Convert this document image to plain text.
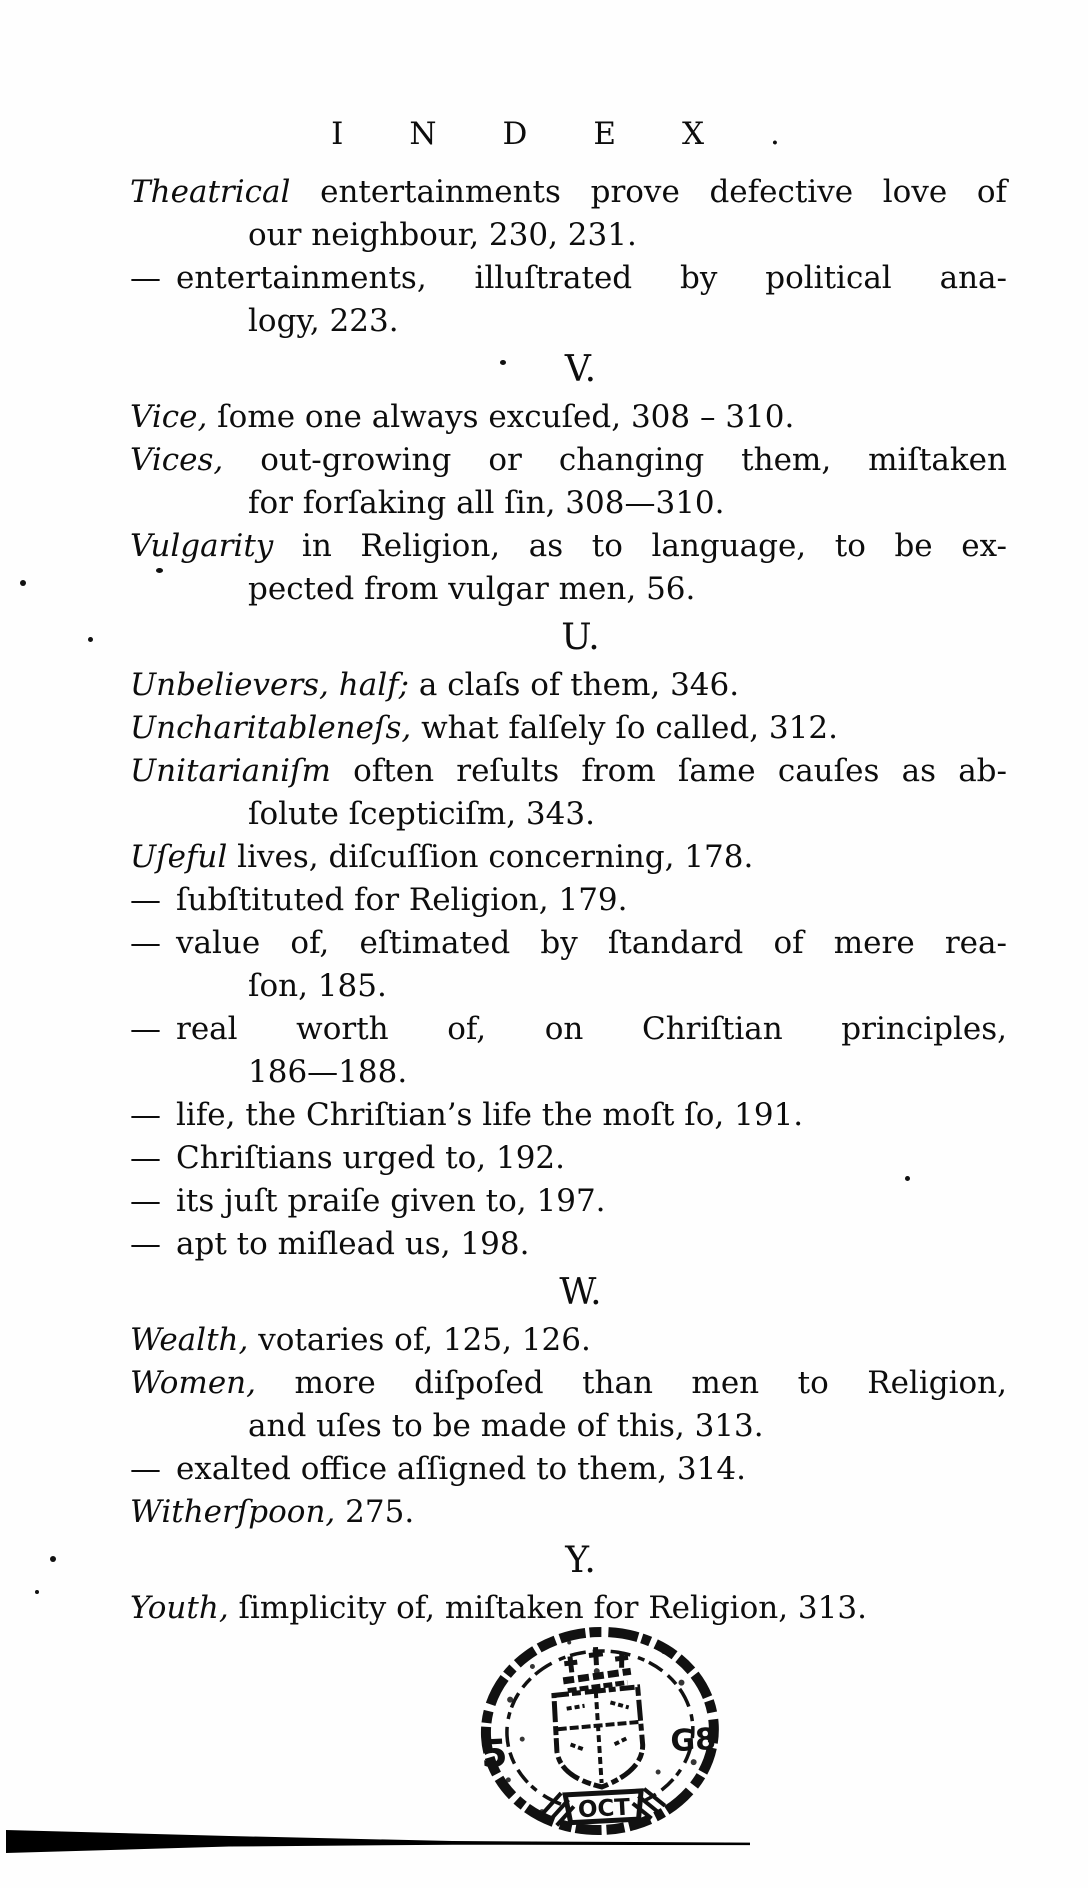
INDEX.
Theatrical entertainments prove defective love of
our neighbour, 230, 231.
— entertainments, illuſtrated by political ana-
logy, 223.
V.
Vice, ſome one always excuſed, 308 – 310.
Vices, out-growing or changing them, miſtaken
for forſaking all ſin, 308—310.
Vulgarity in Religion, as to language, to be ex-
pected from vulgar men, 56.
U.
Unbelievers, half; a claſs of them, 346.
Uncharitableneſs, what falſely ſo called, 312.
Unitarianiſm often reſults from ſame cauſes as ab-
ſolute ſcepticiſm, 343.
Uſeful lives, diſcuſſion concerning, 178.
— ſubſtituted for Religion, 179.
— value of, eſtimated by ſtandard of mere rea-
ſon, 185.
— real worth of, on Chriſtian principles,
186—188.
— life, the Chriſtian’s life the moſt ſo, 191.
— Chriſtians urged to, 192.
— its juſt praiſe given to, 197.
— apt to miſlead us, 198.
W.
Wealth, votaries of, 125, 126.
Women, more diſpoſed than men to Religion,
and uſes to be made of this, 313.
— exalted office aſſigned to them, 314.
Witherſpoon, 275.
Y.
Youth, ſimplicity of, miſtaken for Religion, 313.
OCT
5	G8
